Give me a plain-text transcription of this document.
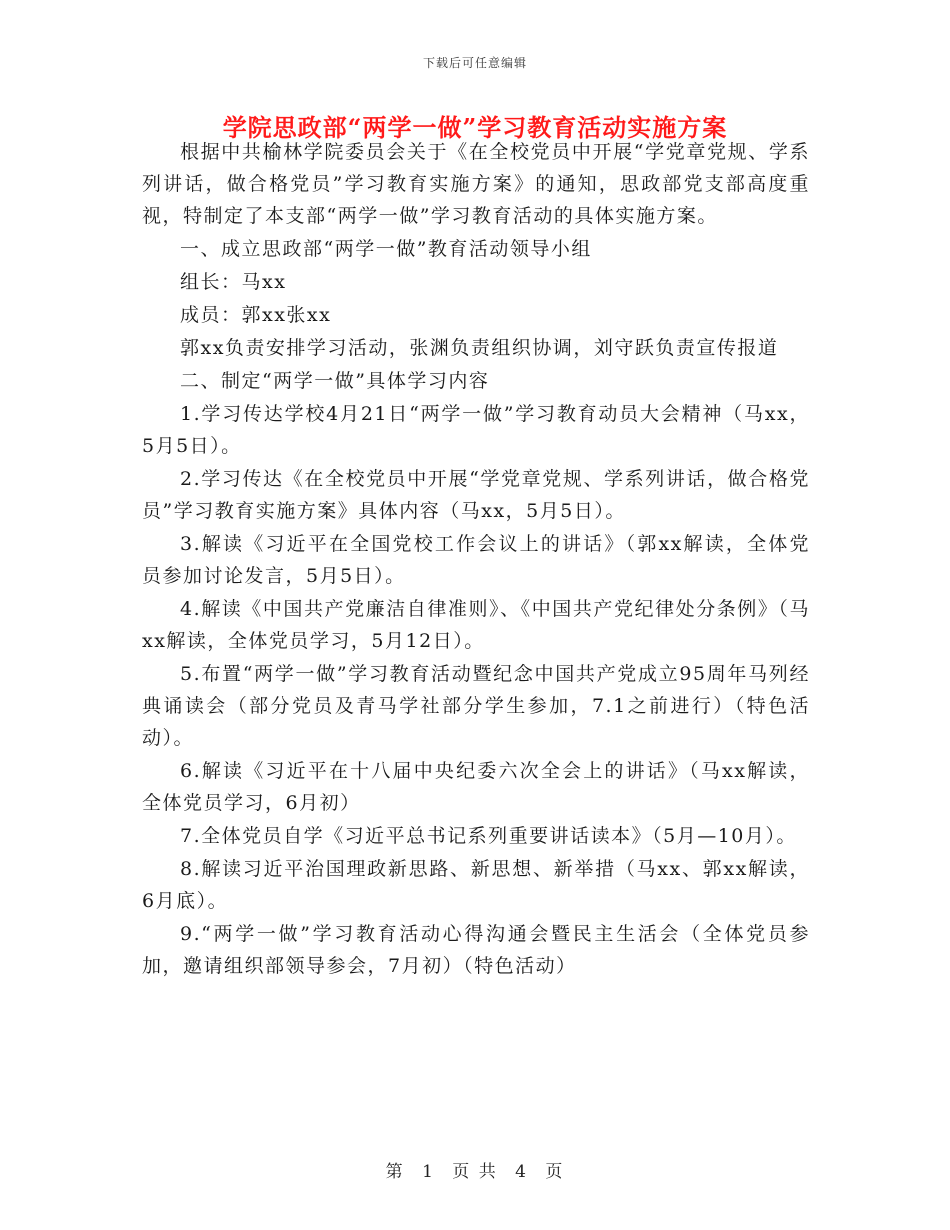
下载后可任意编辑
学院思政部“两学一做”学习教育活动实施方案

根据中共榆林学院委员会关于《在全校党员中开展“学党章党规、学系列讲话，做合格党员”学习教育实施方案》的通知，思政部党支部高度重视，特制定了本支部“两学一做”学习教育活动的具体实施方案。

一、成立思政部“两学一做”教育活动领导小组

组长：马xx

成员：郭xx张xx

郭xx负责安排学习活动，张渊负责组织协调，刘守跃负责宣传报道

二、制定“两学一做”具体学习内容

1.学习传达学校4月21日“两学一做”学习教育动员大会精神（马xx，5月5日）。

2.学习传达《在全校党员中开展“学党章党规、学系列讲话，做合格党员”学习教育实施方案》具体内容（马xx，5月5日）。

3.解读《习近平在全国党校工作会议上的讲话》（郭xx解读，全体党员参加讨论发言，5月5日）。

4.解读《中国共产党廉洁自律准则》、《中国共产党纪律处分条例》（马xx解读，全体党员学习，5月12日）。

5.布置“两学一做”学习教育活动暨纪念中国共产党成立95周年马列经典诵读会（部分党员及青马学社部分学生参加，7.1之前进行）（特色活动）。

6.解读《习近平在十八届中央纪委六次全会上的讲话》（马xx解读，全体党员学习，6月初）

7.全体党员自学《习近平总书记系列重要讲话读本》（5月—10月）。

8.解读习近平治国理政新思路、新思想、新举措（马xx、郭xx解读，6月底）。

9.“两学一做”学习教育活动心得沟通会暨民主生活会（全体党员参加，邀请组织部领导参会，7月初）（特色活动）

第 1 页 共 4 页
